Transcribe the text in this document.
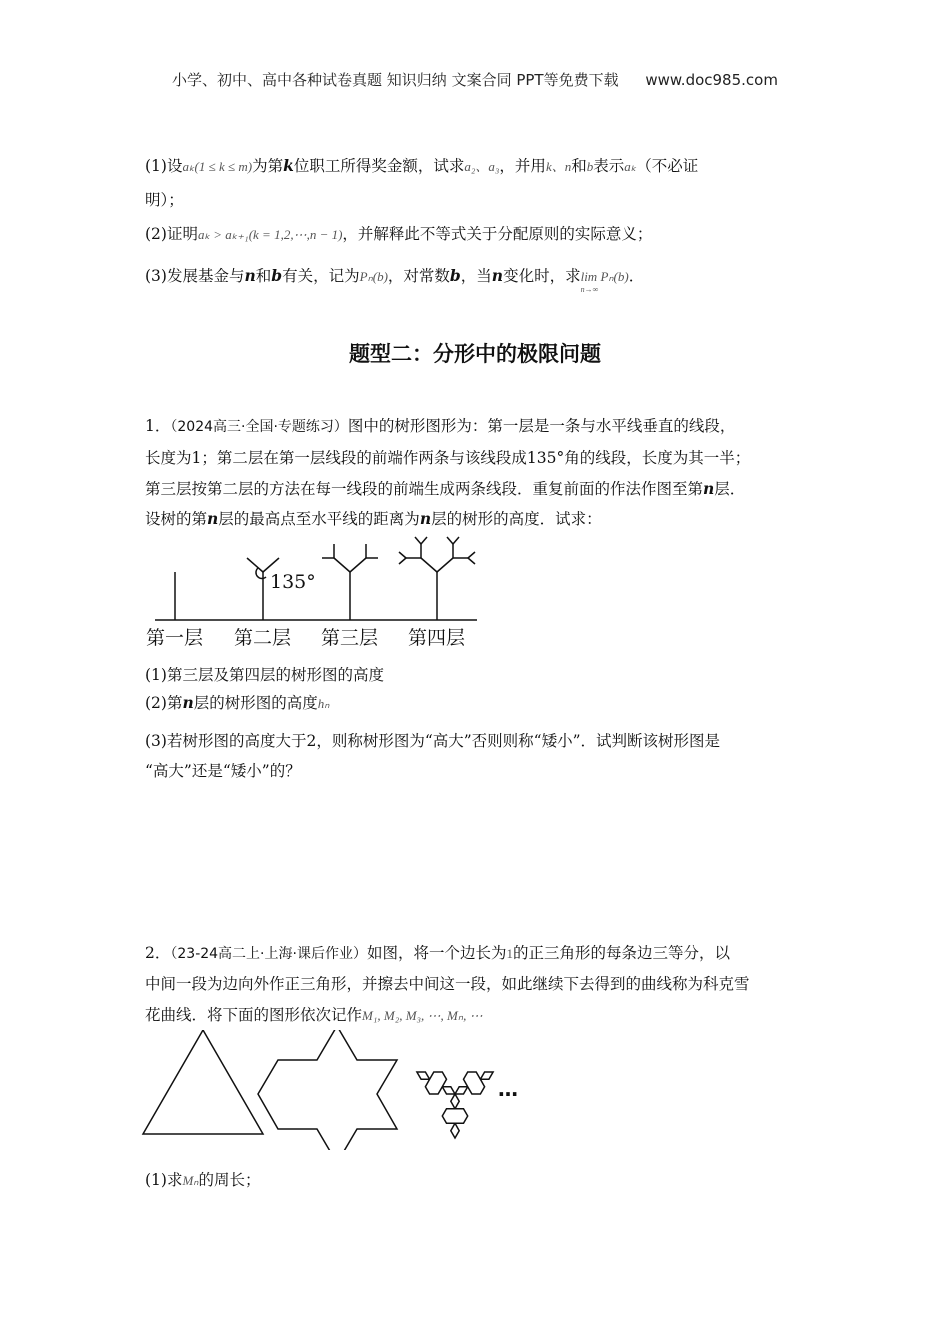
小学、初中、高中各种试卷真题 知识归纳 文案合同 PPT等免费下载 www.doc985.com
(1)设aₖ(1 ≤ k ≤ m)为第k位职工所得奖金额，试求a₂、a₃，并用k、n和b表示aₖ（不必证
明）；
(2)证明aₖ > aₖ₊₁(k = 1,2,⋯,n − 1)，并解释此不等式关于分配原则的实际意义；
(3)发展基金与n和b有关，记为Pₙ(b)，对常数b，当n变化时，求lim Pₙ(b)
n→∞
．
题型二：分形中的极限问题
1．（2024高三·全国·专题练习）图中的树形图形为：第一层是一条与水平线垂直的线段，
长度为1；第二层在第一层线段的前端作两条与该线段成135°角的线段，长度为其一半；
第三层按第二层的方法在每一线段的前端生成两条线段．重复前面的作法作图至第n层．
设树的第n层的最高点至水平线的距离为n层的树形的高度．试求：
135°
第一层 第二层 第三层 第四层
(1)第三层及第四层的树形图的高度
(2)第n层的树形图的高度hₙ
(3)若树形图的高度大于2，则称树形图为“高大”否则则称“矮小”．试判断该树形图是
“高大”还是“矮小”的？
2．（23-24高二上·上海·课后作业）如图，将一个边长为1的正三角形的每条边三等分，以
中间一段为边向外作正三角形，并擦去中间这一段，如此继续下去得到的曲线称为科克雪
花曲线．将下面的图形依次记作M₁, M₂, M₃, ⋯, Mₙ, ⋯
…
(1)求Mₙ的周长；
